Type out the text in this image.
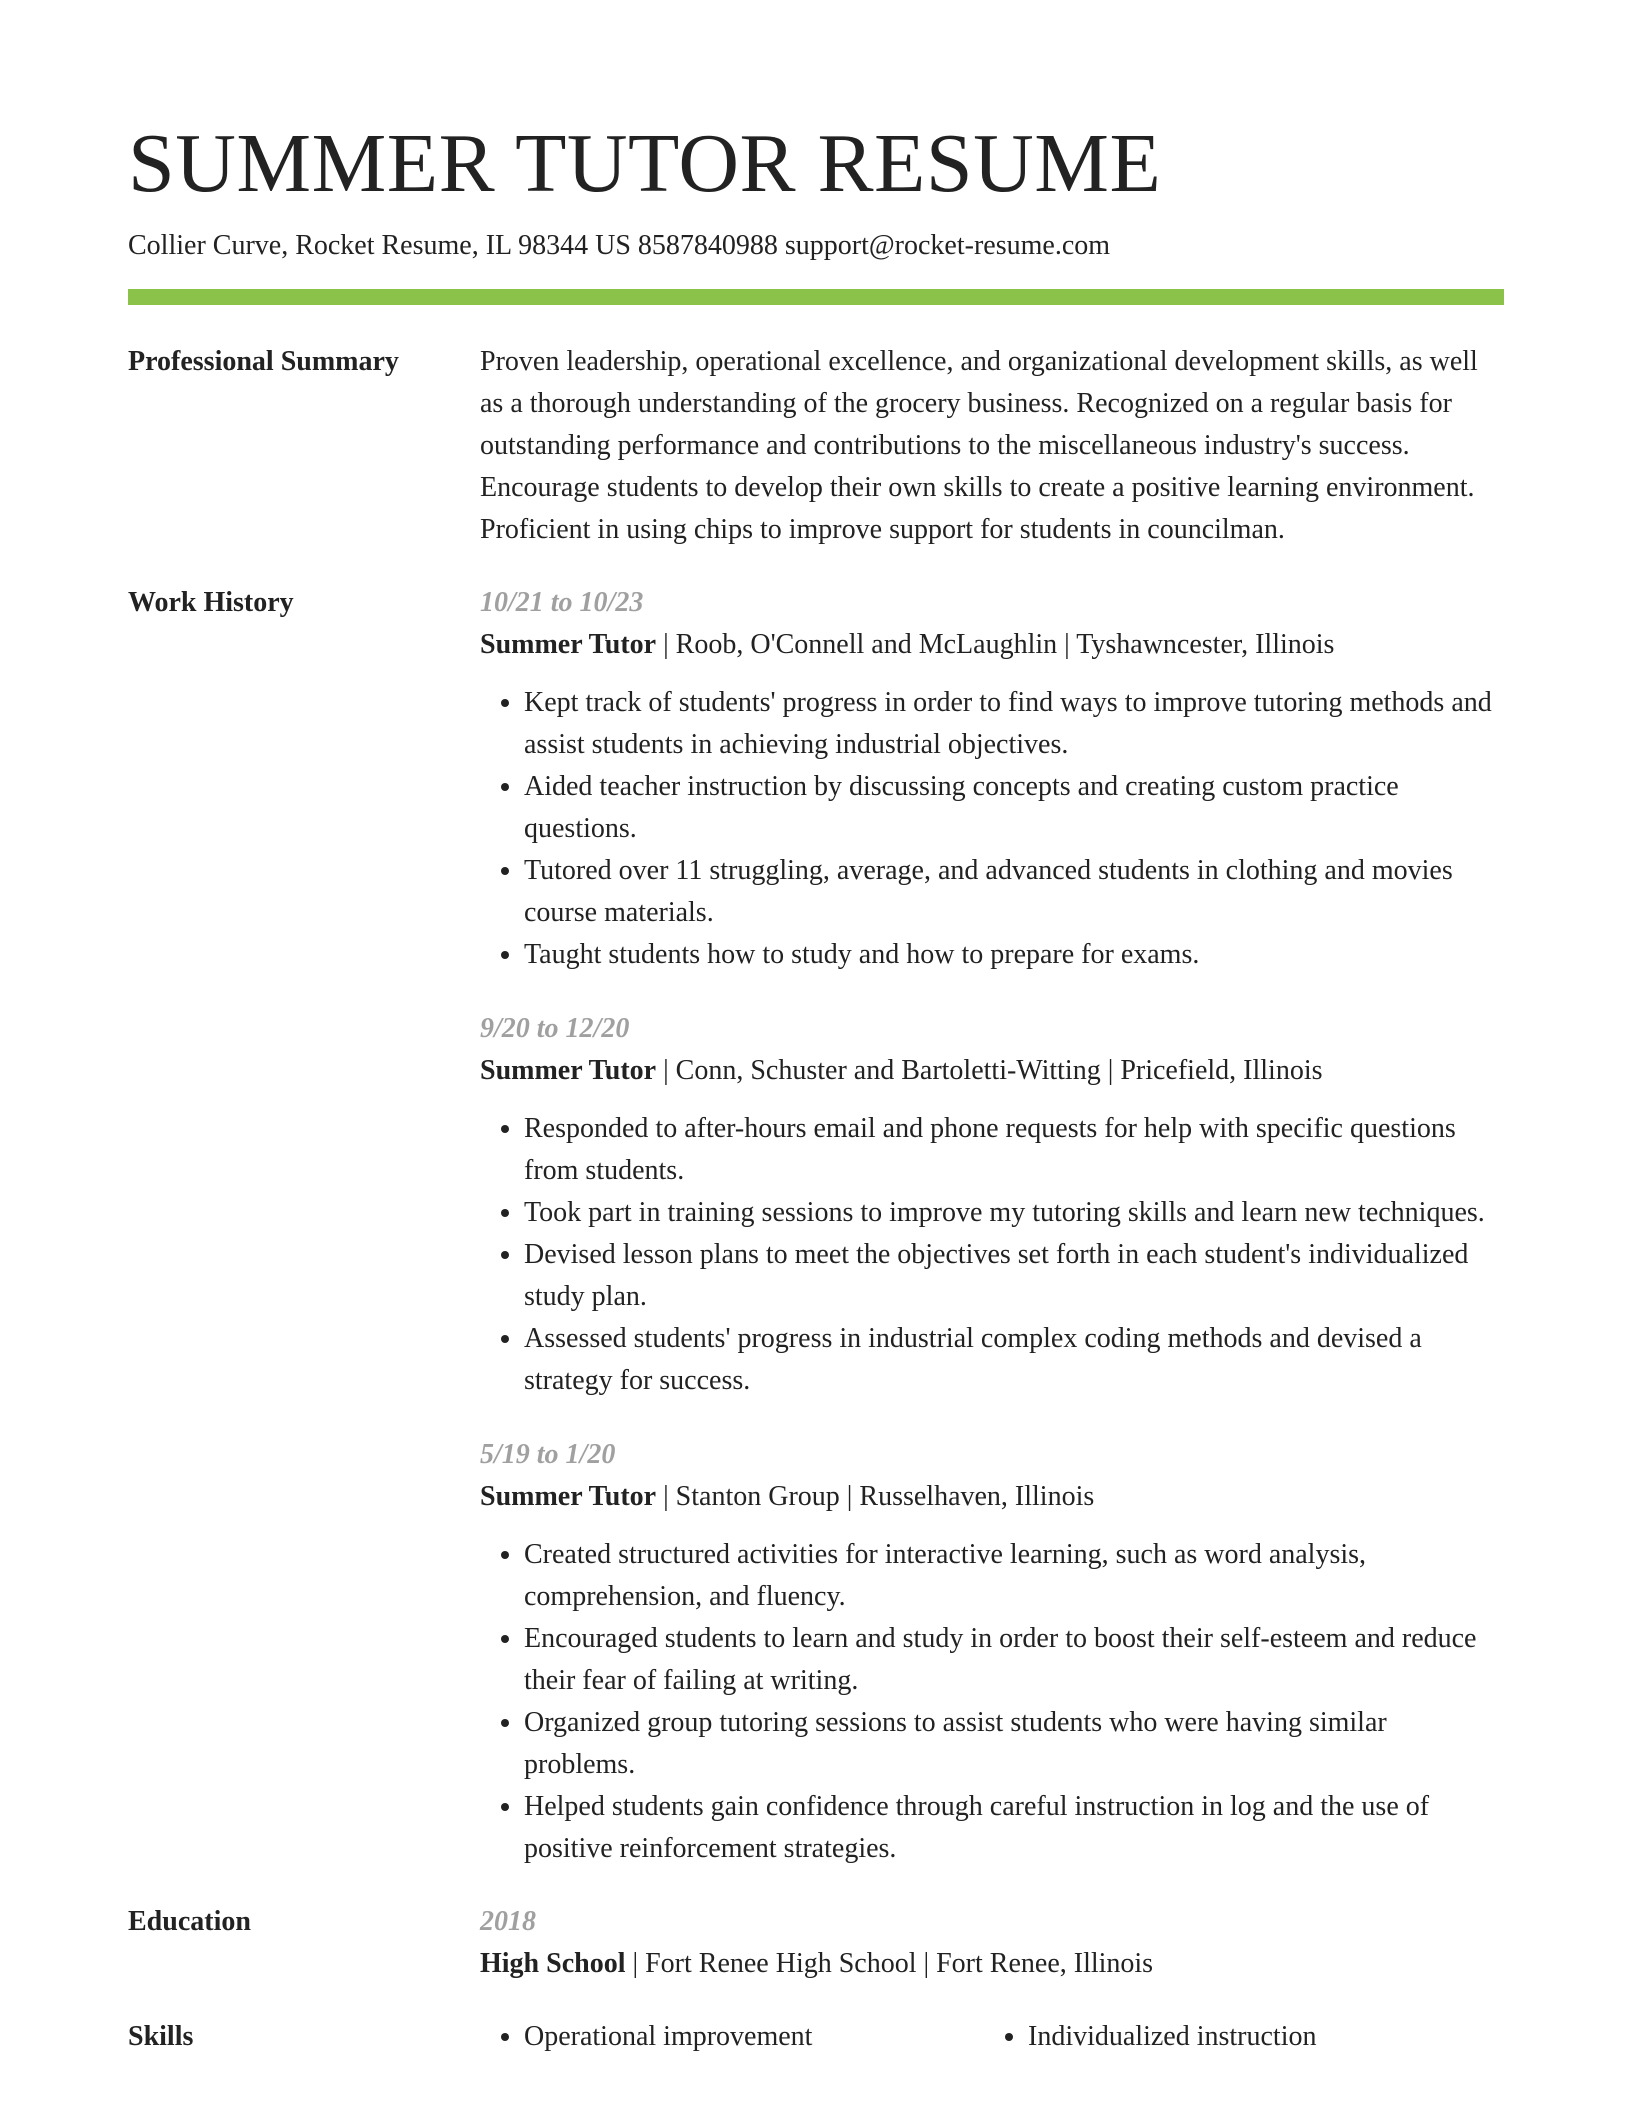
SUMMER TUTOR RESUME
Collier Curve, Rocket Resume, IL 98344 US 8587840988 support@rocket-resume.com
Professional Summary	Proven leadership, operational excellence, and organizational development skills, as well as a thorough understanding of the grocery business. Recognized on a regular basis for outstanding performance and contributions to the miscellaneous industry's success. Encourage students to develop their own skills to create a positive learning environment. Proficient in using chips to improve support for students in councilman.

Work History	10/21 to 10/23
Summer Tutor | Roob, O'Connell and McLaughlin | Tyshawncester, Illinois
• Kept track of students' progress in order to find ways to improve tutoring methods and assist students in achieving industrial objectives.
• Aided teacher instruction by discussing concepts and creating custom practice questions.
• Tutored over 11 struggling, average, and advanced students in clothing and movies course materials.
• Taught students how to study and how to prepare for exams.
9/20 to 12/20
Summer Tutor | Conn, Schuster and Bartoletti-Witting | Pricefield, Illinois
• Responded to after-hours email and phone requests for help with specific questions from students.
• Took part in training sessions to improve my tutoring skills and learn new techniques.
• Devised lesson plans to meet the objectives set forth in each student's individualized study plan.
• Assessed students' progress in industrial complex coding methods and devised a strategy for success.
5/19 to 1/20
Summer Tutor | Stanton Group | Russelhaven, Illinois
• Created structured activities for interactive learning, such as word analysis, comprehension, and fluency.
• Encouraged students to learn and study in order to boost their self-esteem and reduce their fear of failing at writing.
• Organized group tutoring sessions to assist students who were having similar problems.
• Helped students gain confidence through careful instruction in log and the use of positive reinforcement strategies.
Education	2018
High School | Fort Renee High School | Fort Renee, Illinois
Skills	• Operational improvement	• Individualized instruction
